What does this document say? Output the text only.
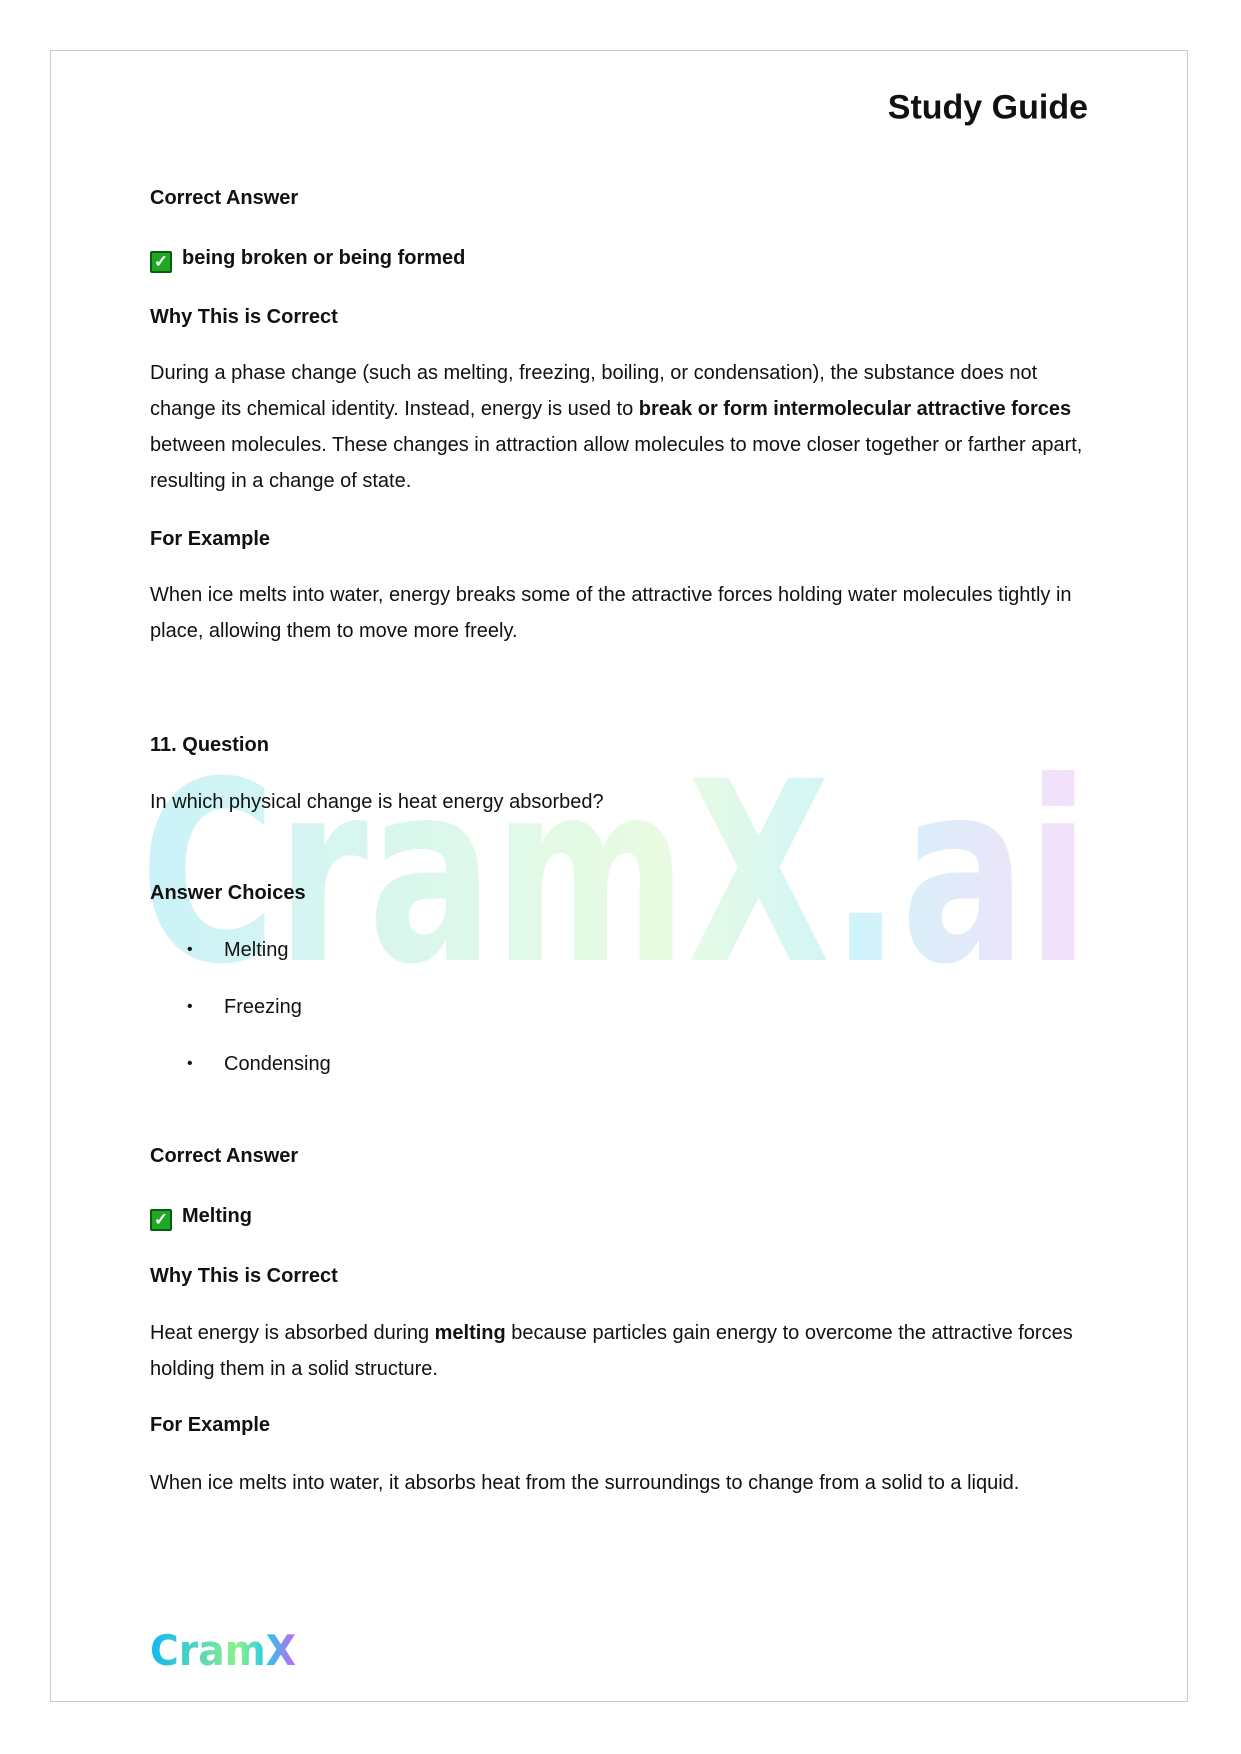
CramX.ai
Study Guide
Correct Answer
✓ being broken or being formed
Why This is Correct
During a phase change (such as melting, freezing, boiling, or condensation), the substance does not change its chemical identity. Instead, energy is used to break or form intermolecular attractive forces between molecules. These changes in attraction allow molecules to move closer together or farther apart, resulting in a change of state.
For Example
When ice melts into water, energy breaks some of the attractive forces holding water molecules tightly in place, allowing them to move more freely.
11. Question
In which physical change is heat energy absorbed?
Answer Choices
• Melting
• Freezing
• Condensing
Correct Answer
✓ Melting
Why This is Correct
Heat energy is absorbed during melting because particles gain energy to overcome the attractive forces holding them in a solid structure.
For Example
When ice melts into water, it absorbs heat from the surroundings to change from a solid to a liquid.
CramX
